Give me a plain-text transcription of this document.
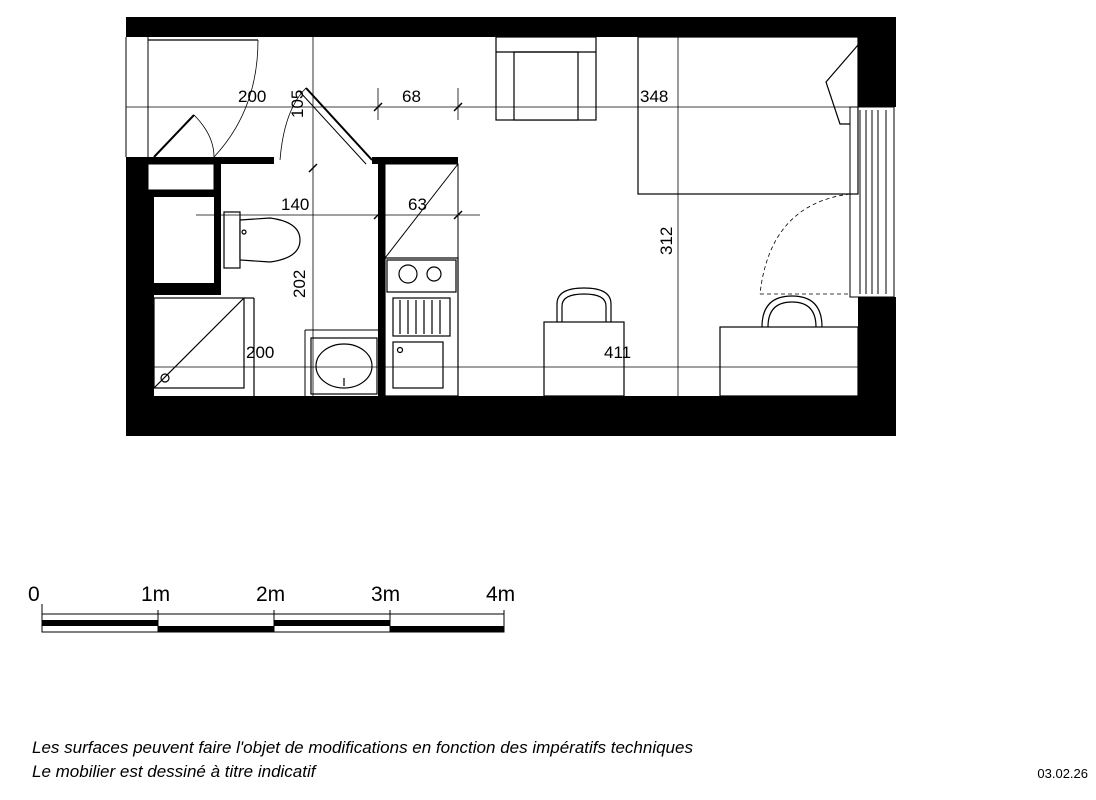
200 105	68	348
140	63
312
202
200	411
0	1m	2m	3m	4m
Les surfaces peuvent faire l'objet de modifications en fonction des impératifs techniques
Le mobilier est dessiné à titre indicatif	03.02.26
